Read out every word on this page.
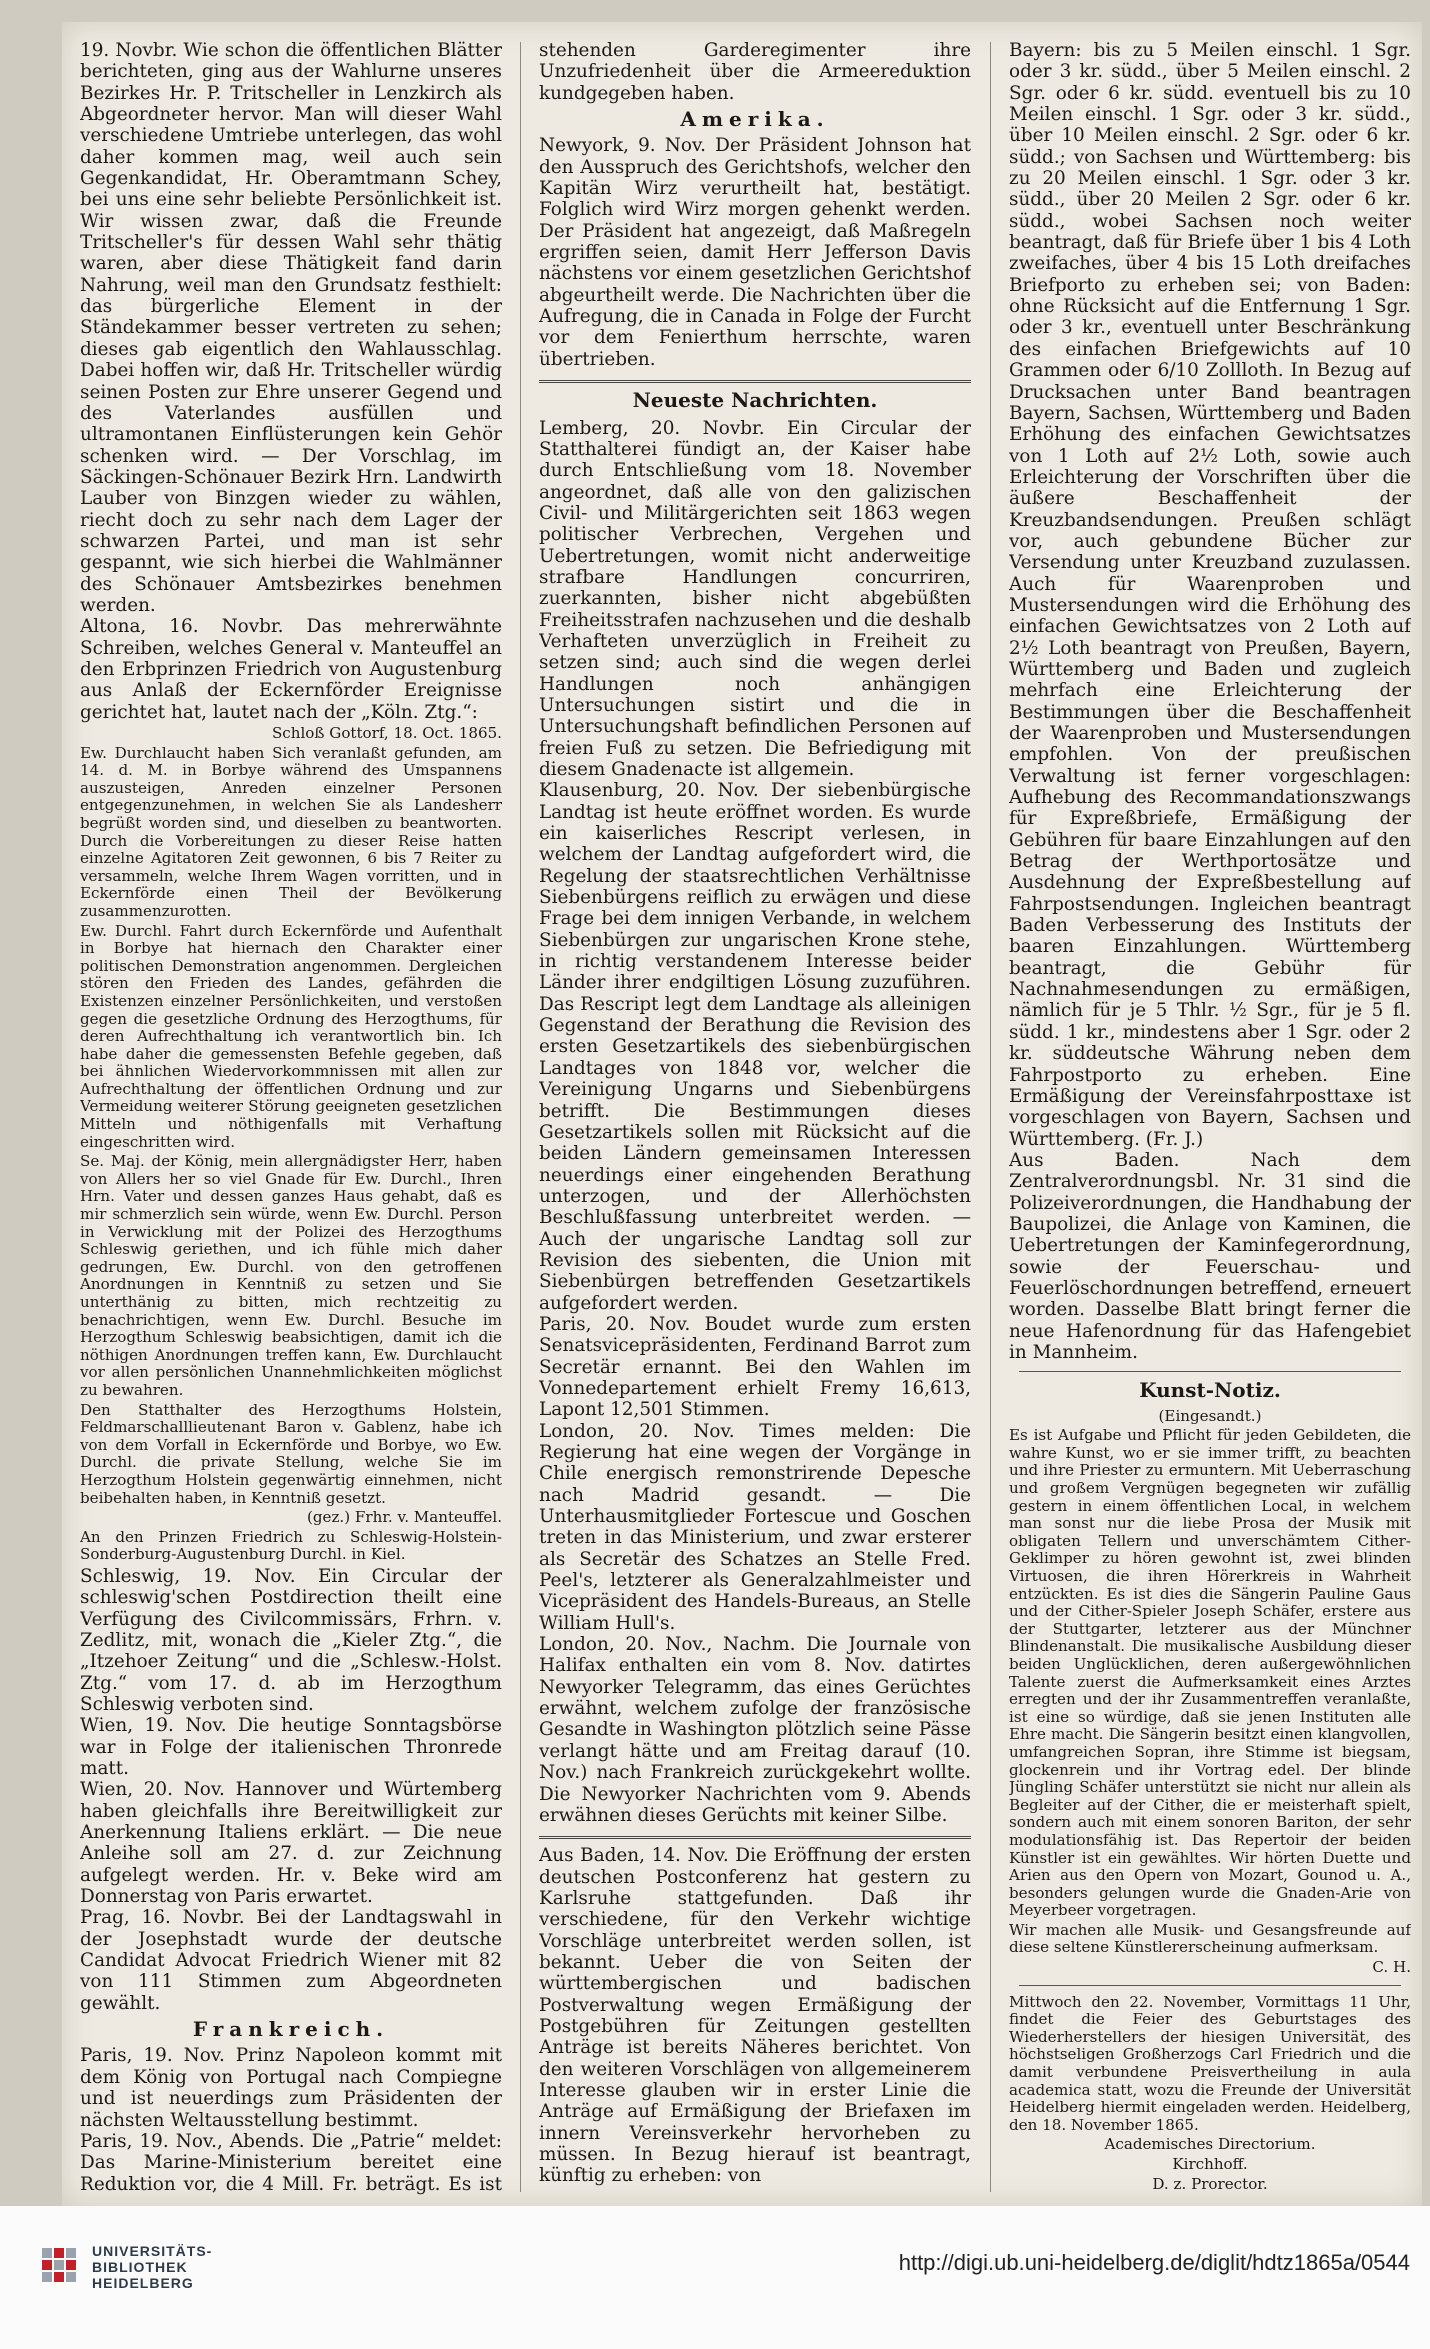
19. Novbr. Wie schon die öffentlichen Blätter berichteten, ging aus der Wahlurne unseres Bezirkes Hr. P. Tritscheller in Lenzkirch als Abgeordneter hervor. Man will dieser Wahl verschiedene Umtriebe unterlegen, das wohl daher kommen mag, weil auch sein Gegenkandidat, Hr. Oberamtmann Schey, bei uns eine sehr beliebte Persönlichkeit ist. Wir wissen zwar, daß die Freunde Tritscheller's für dessen Wahl sehr thätig waren, aber diese Thätigkeit fand darin Nahrung, weil man den Grundsatz festhielt: das bürgerliche Element in der Ständekammer besser vertreten zu sehen; dieses gab eigentlich den Wahlausschlag. Dabei hoffen wir, daß Hr. Tritscheller würdig seinen Posten zur Ehre unserer Gegend und des Vaterlandes ausfüllen und ultramontanen Einflüsterungen kein Gehör schenken wird. — Der Vorschlag, im Säckingen-Schönauer Bezirk Hrn. Landwirth Lauber von Binzgen wieder zu wählen, riecht doch zu sehr nach dem Lager der schwarzen Partei, und man ist sehr gespannt, wie sich hierbei die Wahlmänner des Schönauer Amtsbezirkes benehmen werden.

Altona, 16. Novbr. Das mehrerwähnte Schreiben, welches General v. Manteuffel an den Erbprinzen Friedrich von Augustenburg aus Anlaß der Eckernförder Ereignisse gerichtet hat, lautet nach der „Köln. Ztg.“:

Schloß Gottorf, 18. Oct. 1865.

Ew. Durchlaucht haben Sich veranlaßt gefunden, am 14. d. M. in Borbye während des Umspannens auszusteigen, Anreden einzelner Personen entgegenzunehmen, in welchen Sie als Landesherr begrüßt worden sind, und dieselben zu beantworten. Durch die Vorbereitungen zu dieser Reise hatten einzelne Agitatoren Zeit gewonnen, 6 bis 7 Reiter zu versammeln, welche Ihrem Wagen vorritten, und in Eckernförde einen Theil der Bevölkerung zusammenzurotten.

Ew. Durchl. Fahrt durch Eckernförde und Aufenthalt in Borbye hat hiernach den Charakter einer politischen Demonstration angenommen. Dergleichen stören den Frieden des Landes, gefährden die Existenzen einzelner Persönlichkeiten, und verstoßen gegen die gesetzliche Ordnung des Herzogthums, für deren Aufrechthaltung ich verantwortlich bin. Ich habe daher die gemessensten Befehle gegeben, daß bei ähnlichen Wiedervorkommnissen mit allen zur Aufrechthaltung der öffentlichen Ordnung und zur Vermeidung weiterer Störung geeigneten gesetzlichen Mitteln und nöthigenfalls mit Verhaftung eingeschritten wird.

Se. Maj. der König, mein allergnädigster Herr, haben von Allers her so viel Gnade für Ew. Durchl., Ihren Hrn. Vater und dessen ganzes Haus gehabt, daß es mir schmerzlich sein würde, wenn Ew. Durchl. Person in Verwicklung mit der Polizei des Herzogthums Schleswig geriethen, und ich fühle mich daher gedrungen, Ew. Durchl. von den getroffenen Anordnungen in Kenntniß zu setzen und Sie unterthänig zu bitten, mich rechtzeitig zu benachrichtigen, wenn Ew. Durchl. Besuche im Herzogthum Schleswig beabsichtigen, damit ich die nöthigen Anordnungen treffen kann, Ew. Durchlaucht vor allen persönlichen Unannehmlichkeiten möglichst zu bewahren.

Den Statthalter des Herzogthums Holstein, Feldmarschalllieutenant Baron v. Gablenz, habe ich von dem Vorfall in Eckernförde und Borbye, wo Ew. Durchl. die private Stellung, welche Sie im Herzogthum Holstein gegenwärtig einnehmen, nicht beibehalten haben, in Kenntniß gesetzt.

(gez.) Frhr. v. Manteuffel.

An den Prinzen Friedrich zu Schleswig-Holstein-Sonderburg-Augustenburg Durchl. in Kiel.

Schleswig, 19. Nov. Ein Circular der schleswig'schen Postdirection theilt eine Verfügung des Civilcommissärs, Frhrn. v. Zedlitz, mit, wonach die „Kieler Ztg.“, die „Itzehoer Zeitung“ und die „Schlesw.-Holst. Ztg.“ vom 17. d. ab im Herzogthum Schleswig verboten sind.

Wien, 19. Nov. Die heutige Sonntagsbörse war in Folge der italienischen Thronrede matt.

Wien, 20. Nov. Hannover und Würtemberg haben gleichfalls ihre Bereitwilligkeit zur Anerkennung Italiens erklärt. — Die neue Anleihe soll am 27. d. zur Zeichnung aufgelegt werden. Hr. v. Beke wird am Donnerstag von Paris erwartet.

Prag, 16. Novbr. Bei der Landtagswahl in der Josephstadt wurde der deutsche Candidat Advocat Friedrich Wiener mit 82 von 111 Stimmen zum Abgeordneten gewählt.

Frankreich.

Paris, 19. Nov. Prinz Napoleon kommt mit dem König von Portugal nach Compiegne und ist neuerdings zum Präsidenten der nächsten Weltausstellung bestimmt.

Paris, 19. Nov., Abends. Die „Patrie“ meldet: Das Marine-Ministerium bereitet eine Reduktion vor, die 4 Mill. Fr. beträgt. Es ist

stehenden Garderegimenter ihre Unzufriedenheit über die Armeereduktion kundgegeben haben.

Amerika.

Newyork, 9. Nov. Der Präsident Johnson hat den Ausspruch des Gerichtshofs, welcher den Kapitän Wirz verurtheilt hat, bestätigt. Folglich wird Wirz morgen gehenkt werden. Der Präsident hat angezeigt, daß Maßregeln ergriffen seien, damit Herr Jefferson Davis nächstens vor einem gesetzlichen Gerichtshof abgeurtheilt werde. Die Nachrichten über die Aufregung, die in Canada in Folge der Furcht vor dem Fenierthum herrschte, waren übertrieben.

Neueste Nachrichten.

Lemberg, 20. Novbr. Ein Circular der Statthalterei fündigt an, der Kaiser habe durch Entschließung vom 18. November angeordnet, daß alle von den galizischen Civil- und Militärgerichten seit 1863 wegen politischer Verbrechen, Vergehen und Uebertretungen, womit nicht anderweitige strafbare Handlungen concurriren, zuerkannten, bisher nicht abgebüßten Freiheitsstrafen nachzusehen und die deshalb Verhafteten unverzüglich in Freiheit zu setzen sind; auch sind die wegen derlei Handlungen noch anhängigen Untersuchungen sistirt und die in Untersuchungshaft befindlichen Personen auf freien Fuß zu setzen. Die Befriedigung mit diesem Gnadenacte ist allgemein.

Klausenburg, 20. Nov. Der siebenbürgische Landtag ist heute eröffnet worden. Es wurde ein kaiserliches Rescript verlesen, in welchem der Landtag aufgefordert wird, die Regelung der staatsrechtlichen Verhältnisse Siebenbürgens reiflich zu erwägen und diese Frage bei dem innigen Verbande, in welchem Siebenbürgen zur ungarischen Krone stehe, in richtig verstandenem Interesse beider Länder ihrer endgiltigen Lösung zuzuführen. Das Rescript legt dem Landtage als alleinigen Gegenstand der Berathung die Revision des ersten Gesetzartikels des siebenbürgischen Landtages von 1848 vor, welcher die Vereinigung Ungarns und Siebenbürgens betrifft. Die Bestimmungen dieses Gesetzartikels sollen mit Rücksicht auf die beiden Ländern gemeinsamen Interessen neuerdings einer eingehenden Berathung unterzogen, und der Allerhöchsten Beschlußfassung unterbreitet werden. — Auch der ungarische Landtag soll zur Revision des siebenten, die Union mit Siebenbürgen betreffenden Gesetzartikels aufgefordert werden.

Paris, 20. Nov. Boudet wurde zum ersten Senatsvicepräsidenten, Ferdinand Barrot zum Secretär ernannt. Bei den Wahlen im Vonnedepartement erhielt Fremy 16,613, Lapont 12,501 Stimmen.

London, 20. Nov. Times melden: Die Regierung hat eine wegen der Vorgänge in Chile energisch remonstrirende Depesche nach Madrid gesandt. — Die Unterhausmitglieder Fortescue und Goschen treten in das Ministerium, und zwar ersterer als Secretär des Schatzes an Stelle Fred. Peel's, letzterer als Generalzahlmeister und Vicepräsident des Handels-Bureaus, an Stelle William Hull's.

London, 20. Nov., Nachm. Die Journale von Halifax enthalten ein vom 8. Nov. datirtes Newyorker Telegramm, das eines Gerüchtes erwähnt, welchem zufolge der französische Gesandte in Washington plötzlich seine Pässe verlangt hätte und am Freitag darauf (10. Nov.) nach Frankreich zurückgekehrt wollte. Die Newyorker Nachrichten vom 9. Abends erwähnen dieses Gerüchts mit keiner Silbe.

Aus Baden, 14. Nov. Die Eröffnung der ersten deutschen Postconferenz hat gestern zu Karlsruhe stattgefunden. Daß ihr verschiedene, für den Verkehr wichtige Vorschläge unterbreitet werden sollen, ist bekannt. Ueber die von Seiten der württembergischen und badischen Postverwaltung wegen Ermäßigung der Postgebühren für Zeitungen gestellten Anträge ist bereits Näheres berichtet. Von den weiteren Vorschlägen von allgemeinerem Interesse glauben wir in erster Linie die Anträge auf Ermäßigung der Briefaxen im innern Vereinsverkehr hervorheben zu müssen. In Bezug hierauf ist beantragt, künftig zu erheben: von

Bayern: bis zu 5 Meilen einschl. 1 Sgr. oder 3 kr. südd., über 5 Meilen einschl. 2 Sgr. oder 6 kr. südd. eventuell bis zu 10 Meilen einschl. 1 Sgr. oder 3 kr. südd., über 10 Meilen einschl. 2 Sgr. oder 6 kr. südd.; von Sachsen und Württemberg: bis zu 20 Meilen einschl. 1 Sgr. oder 3 kr. südd., über 20 Meilen 2 Sgr. oder 6 kr. südd., wobei Sachsen noch weiter beantragt, daß für Briefe über 1 bis 4 Loth zweifaches, über 4 bis 15 Loth dreifaches Briefporto zu erheben sei; von Baden: ohne Rücksicht auf die Entfernung 1 Sgr. oder 3 kr., eventuell unter Beschränkung des einfachen Briefgewichts auf 10 Grammen oder 6/10 Zollloth. In Bezug auf Drucksachen unter Band beantragen Bayern, Sachsen, Württemberg und Baden Erhöhung des einfachen Gewichtsatzes von 1 Loth auf 2½ Loth, sowie auch Erleichterung der Vorschriften über die äußere Beschaffenheit der Kreuzbandsendungen. Preußen schlägt vor, auch gebundene Bücher zur Versendung unter Kreuzband zuzulassen. Auch für Waarenproben und Mustersendungen wird die Erhöhung des einfachen Gewichtsatzes von 2 Loth auf 2½ Loth beantragt von Preußen, Bayern, Württemberg und Baden und zugleich mehrfach eine Erleichterung der Bestimmungen über die Beschaffenheit der Waarenproben und Mustersendungen empfohlen. Von der preußischen Verwaltung ist ferner vorgeschlagen: Aufhebung des Recommandationszwangs für Expreßbriefe, Ermäßigung der Gebühren für baare Einzahlungen auf den Betrag der Werthportosätze und Ausdehnung der Expreßbestellung auf Fahrpostsendungen. Ingleichen beantragt Baden Verbesserung des Instituts der baaren Einzahlungen. Württemberg beantragt, die Gebühr für Nachnahmesendungen zu ermäßigen, nämlich für je 5 Thlr. ½ Sgr., für je 5 fl. südd. 1 kr., mindestens aber 1 Sgr. oder 2 kr. süddeutsche Währung neben dem Fahrpostporto zu erheben. Eine Ermäßigung der Vereinsfahrposttaxe ist vorgeschlagen von Bayern, Sachsen und Württemberg. (Fr. J.)

Aus Baden. Nach dem Zentralverordnungsbl. Nr. 31 sind die Polizeiverordnungen, die Handhabung der Baupolizei, die Anlage von Kaminen, die Uebertretungen der Kaminfegerordnung, sowie der Feuerschau- und Feuerlöschordnungen betreffend, erneuert worden. Dasselbe Blatt bringt ferner die neue Hafenordnung für das Hafengebiet in Mannheim.

Kunst-Notiz.
(Eingesandt.)

Es ist Aufgabe und Pflicht für jeden Gebildeten, die wahre Kunst, wo er sie immer trifft, zu beachten und ihre Priester zu ermuntern. Mit Ueberraschung und großem Vergnügen begegneten wir zufällig gestern in einem öffentlichen Local, in welchem man sonst nur die liebe Prosa der Musik mit obligaten Tellern und unverschämtem Cither-Geklimper zu hören gewohnt ist, zwei blinden Virtuosen, die ihren Hörerkreis in Wahrheit entzückten. Es ist dies die Sängerin Pauline Gaus und der Cither-Spieler Joseph Schäfer, erstere aus der Stuttgarter, letzterer aus der Münchner Blindenanstalt. Die musikalische Ausbildung dieser beiden Unglücklichen, deren außergewöhnlichen Talente zuerst die Aufmerksamkeit eines Arztes erregten und der ihr Zusammentreffen veranlaßte, ist eine so würdige, daß sie jenen Instituten alle Ehre macht. Die Sängerin besitzt einen klangvollen, umfangreichen Sopran, ihre Stimme ist biegsam, glockenrein und ihr Vortrag edel. Der blinde Jüngling Schäfer unterstützt sie nicht nur allein als Begleiter auf der Cither, die er meisterhaft spielt, sondern auch mit einem sonoren Bariton, der sehr modulationsfähig ist. Das Repertoir der beiden Künstler ist ein gewähltes. Wir hörten Duette und Arien aus den Opern von Mozart, Gounod u. A., besonders gelungen wurde die Gnaden-Arie von Meyerbeer vorgetragen.

Wir machen alle Musik- und Gesangsfreunde auf diese seltene Künstlererscheinung aufmerksam.

C. H.

Mittwoch den 22. November, Vormittags 11 Uhr, findet die Feier des Geburtstages des Wiederherstellers der hiesigen Universität, des höchstseligen Großherzogs Carl Friedrich und die damit verbundene Preisvertheilung in aula academica statt, wozu die Freunde der Universität Heidelberg hiermit eingeladen werden. Heidelberg, den 18. November 1865.

Academisches Directorium.

Kirchhoff.

D. z. Prorector.

UNIVERSITÄTS-
BIBLIOTHEK
HEIDELBERG
http://digi.ub.uni-heidelberg.de/diglit/hdtz1865a/0544
